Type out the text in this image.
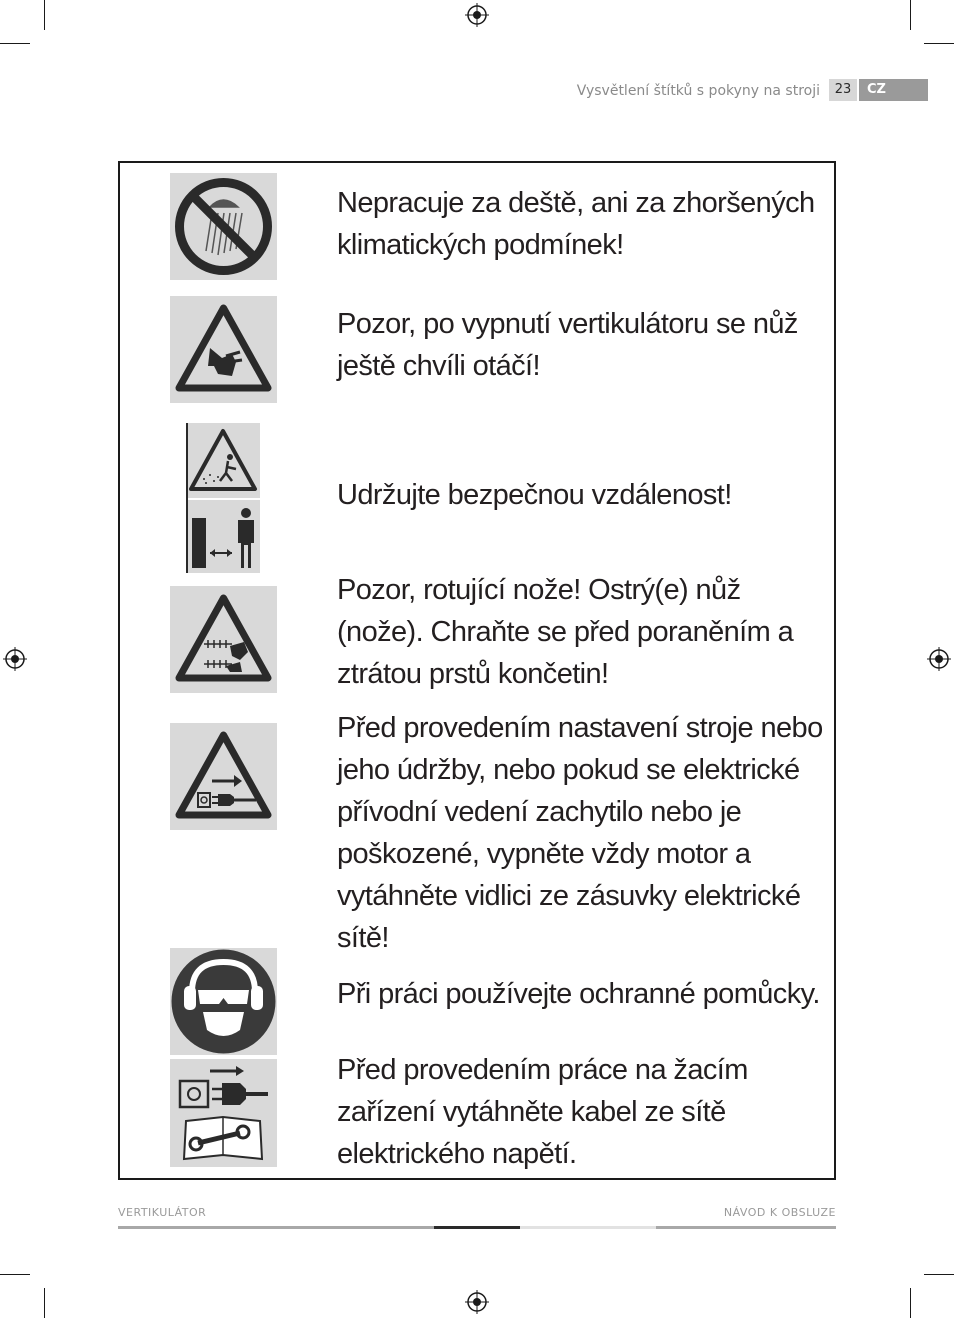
Vysvětlení štítků s pokyny na stroji	23	CZ
Nepracuje za deště, ani za zhoršených klimatických podmínek!
Pozor, po vypnutí vertikulátoru se nůž ještě chvíli otáčí!
Udržujte bezpečnou vzdálenost!
Pozor, rotující nože! Ostrý(e) nůž (nože). Chraňte se před poraněním a ztrátou prstů končetin!
Před provedením nastavení stroje nebo jeho údržby, nebo pokud se elektrické přívodní vedení zachytilo nebo je poškozené, vypněte vždy motor a vytáhněte vidlici ze zásuvky elektrické sítě!
Při práci používejte ochranné pomůcky.
Před provedením práce na žacím zařízení vytáhněte kabel ze sítě elektrického napětí.
VERTIKULÁTOR	NÁVOD K OBSLUZE
